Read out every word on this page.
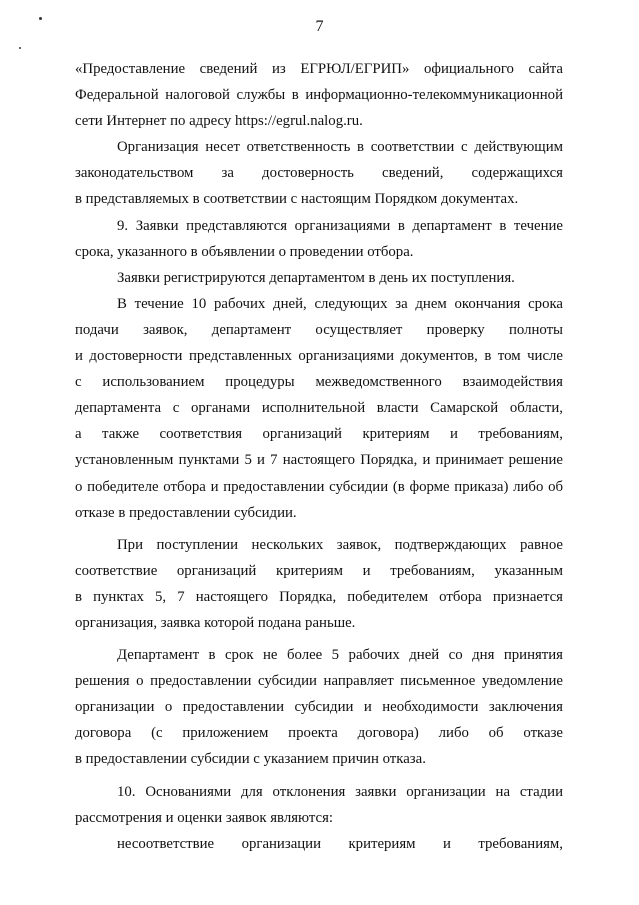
7
«Предоставление сведений из ЕГРЮЛ/ЕГРИП» официального сайта
Федеральной налоговой службы в информационно-телекоммуникационной
сети Интернет по адресу https://egrul.nalog.ru.
Организация несет ответственность в соответствии с действующим
законодательством за достоверность сведений, содержащихся
в представляемых в соответствии с настоящим Порядком документах.
9. Заявки представляются организациями в департамент в течение
срока, указанного в объявлении о проведении отбора.
Заявки регистрируются департаментом в день их поступления.
В течение 10 рабочих дней, следующих за днем окончания срока
подачи заявок, департамент осуществляет проверку полноты
и достоверности представленных организациями документов, в том числе
с использованием процедуры межведомственного взаимодействия
департамента с органами исполнительной власти Самарской области,
а также соответствия организаций критериям и требованиям,
установленным пунктами 5 и 7 настоящего Порядка, и принимает решение
о победителе отбора и предоставлении субсидии (в форме приказа) либо об
отказе в предоставлении субсидии.
При поступлении нескольких заявок, подтверждающих равное
соответствие организаций критериям и требованиям, указанным
в пунктах 5, 7 настоящего Порядка, победителем отбора признается
организация, заявка которой подана раньше.
Департамент в срок не более 5 рабочих дней со дня принятия
решения о предоставлении субсидии направляет письменное уведомление
организации о предоставлении субсидии и необходимости заключения
договора (с приложением проекта договора) либо об отказе
в предоставлении субсидии с указанием причин отказа.
10. Основаниями для отклонения заявки организации на стадии
рассмотрения и оценки заявок являются:
несоответствие организации критериям и требованиям,
